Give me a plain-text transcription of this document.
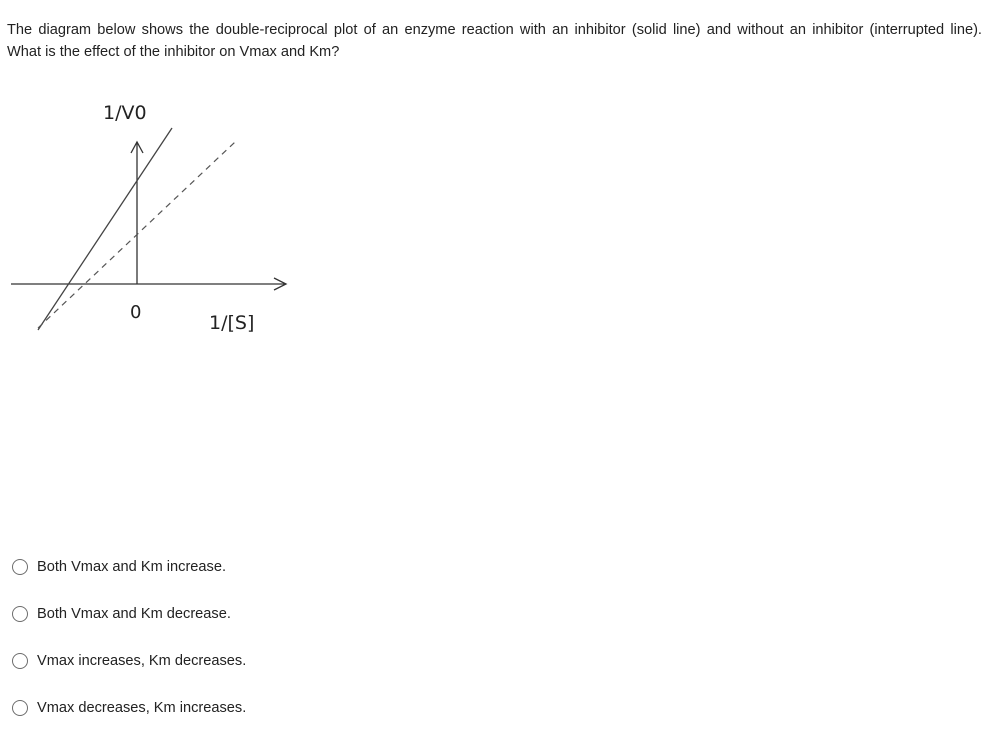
The diagram below shows the double-reciprocal plot of an enzyme reaction with an inhibitor (solid line) and without an inhibitor (interrupted line).

What is the effect of the inhibitor on Vmax and Km?

1/V0
0	1/[S]
Both Vmax and Km increase.
Both Vmax and Km decrease.
Vmax increases, Km decreases.
Vmax decreases, Km increases.
